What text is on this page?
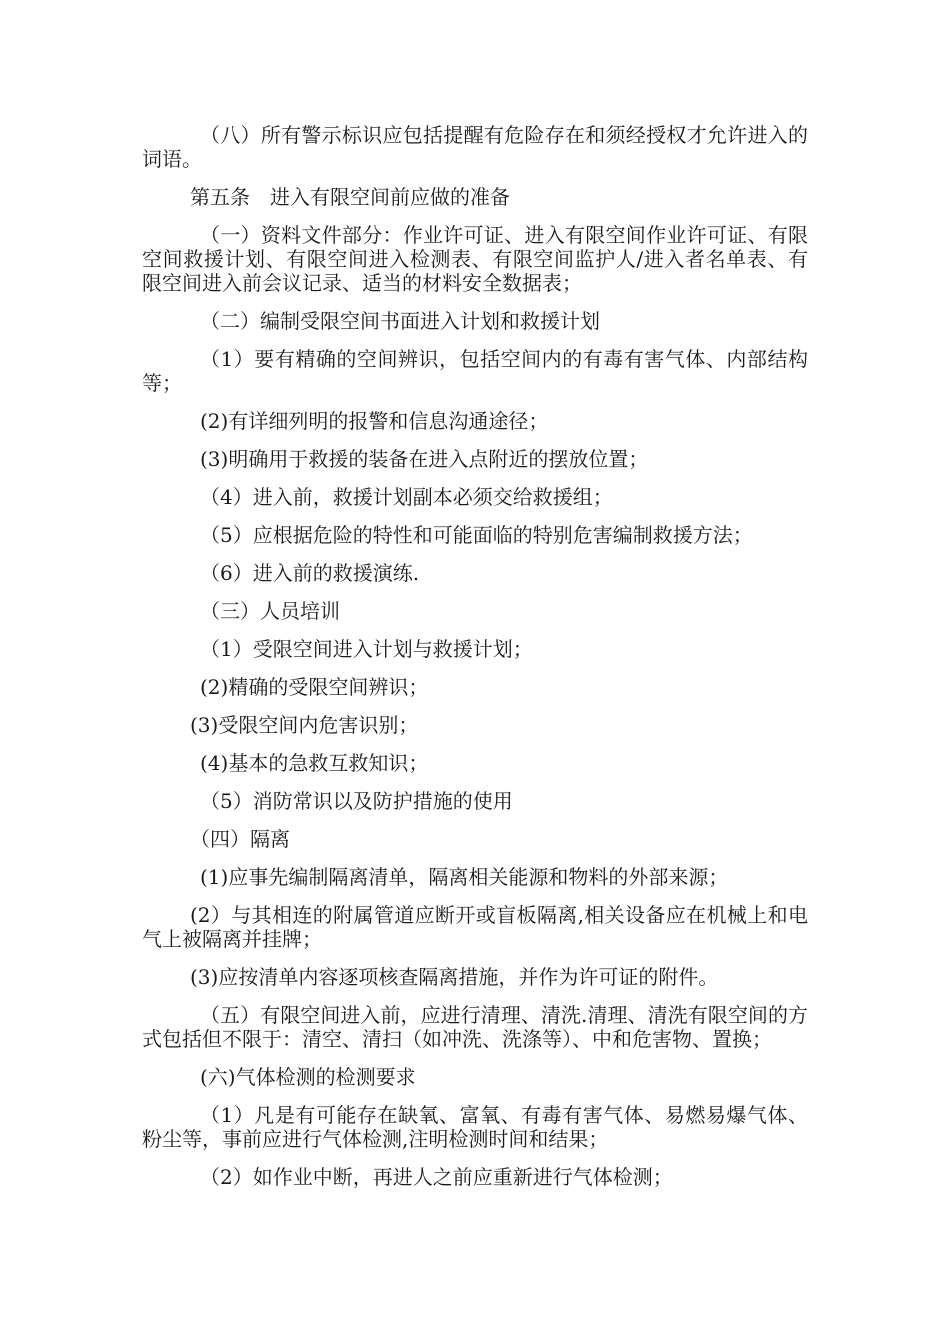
（八）所有警示标识应包括提醒有危险存在和须经授权才允许进入的词语。

第五条　进入有限空间前应做的准备

（一）资料文件部分：作业许可证、进入有限空间作业许可证、有限空间救援计划、有限空间进入检测表、有限空间监护人/进入者名单表、有限空间进入前会议记录、适当的材料安全数据表；

（二）编制受限空间书面进入计划和救援计划

（1）要有精确的空间辨识，包括空间内的有毒有害气体、内部结构等；

(2)有详细列明的报警和信息沟通途径；

(3)明确用于救援的装备在进入点附近的摆放位置；

（4）进入前，救援计划副本必须交给救援组；

（5）应根据危险的特性和可能面临的特别危害编制救援方法；

（6）进入前的救援演练.

（三）人员培训

（1）受限空间进入计划与救援计划；

(2)精确的受限空间辨识；

(3)受限空间内危害识别；

(4)基本的急救互救知识；

（5）消防常识以及防护措施的使用

（四）隔离

(1)应事先编制隔离清单，隔离相关能源和物料的外部来源；

(2）与其相连的附属管道应断开或盲板隔离,相关设备应在机械上和电气上被隔离并挂牌；

(3)应按清单内容逐项核查隔离措施，并作为许可证的附件。

（五）有限空间进入前，应进行清理、清洗.清理、清洗有限空间的方式包括但不限于：清空、清扫（如冲洗、洗涤等）、中和危害物、置换；

(六)气体检测的检测要求

（1）凡是有可能存在缺氧、富氧、有毒有害气体、易燃易爆气体、粉尘等，事前应进行气体检测,注明检测时间和结果；

（2）如作业中断，再进人之前应重新进行气体检测；
